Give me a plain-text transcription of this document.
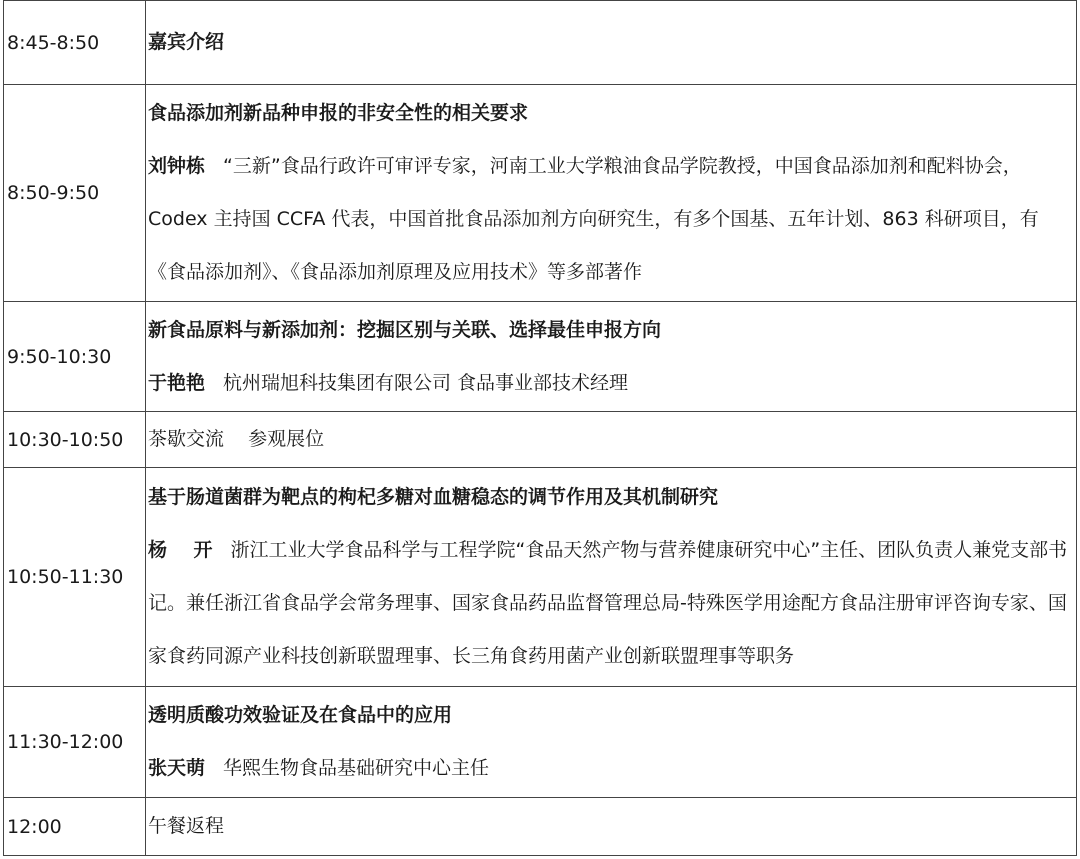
8:45-8:50	嘉宾介绍

8:50-9:50	食品添加剂新品种申报的非安全性的相关要求
刘钟栋 “三新”食品行政许可审评专家，河南工业大学粮油食品学院教授，中国食品添加剂和配料协会，Codex 主持国 CCFA 代表，中国首批食品添加剂方向研究生，有多个国基、五年计划、863 科研项目，有《食品添加剂》、《食品添加剂原理及应用技术》等多部著作

9:50-10:30	新食品原料与新添加剂：挖掘区别与关联、选择最佳申报方向
于艳艳 杭州瑞旭科技集团有限公司 食品事业部技术经理

10:30-10:50	茶歇交流    参观展位

10:50-11:30	基于肠道菌群为靶点的枸杞多糖对血糖稳态的调节作用及其机制研究
杨    开 浙江工业大学食品科学与工程学院“食品天然产物与营养健康研究中心”主任、团队负责人兼党支部书记。兼任浙江省食品学会常务理事、国家食品药品监督管理总局-特殊医学用途配方食品注册审评咨询专家、国家食药同源产业科技创新联盟理事、长三角食药用菌产业创新联盟理事等职务

11:30-12:00	透明质酸功效验证及在食品中的应用
张天萌 华熙生物食品基础研究中心主任

12:00	午餐返程
